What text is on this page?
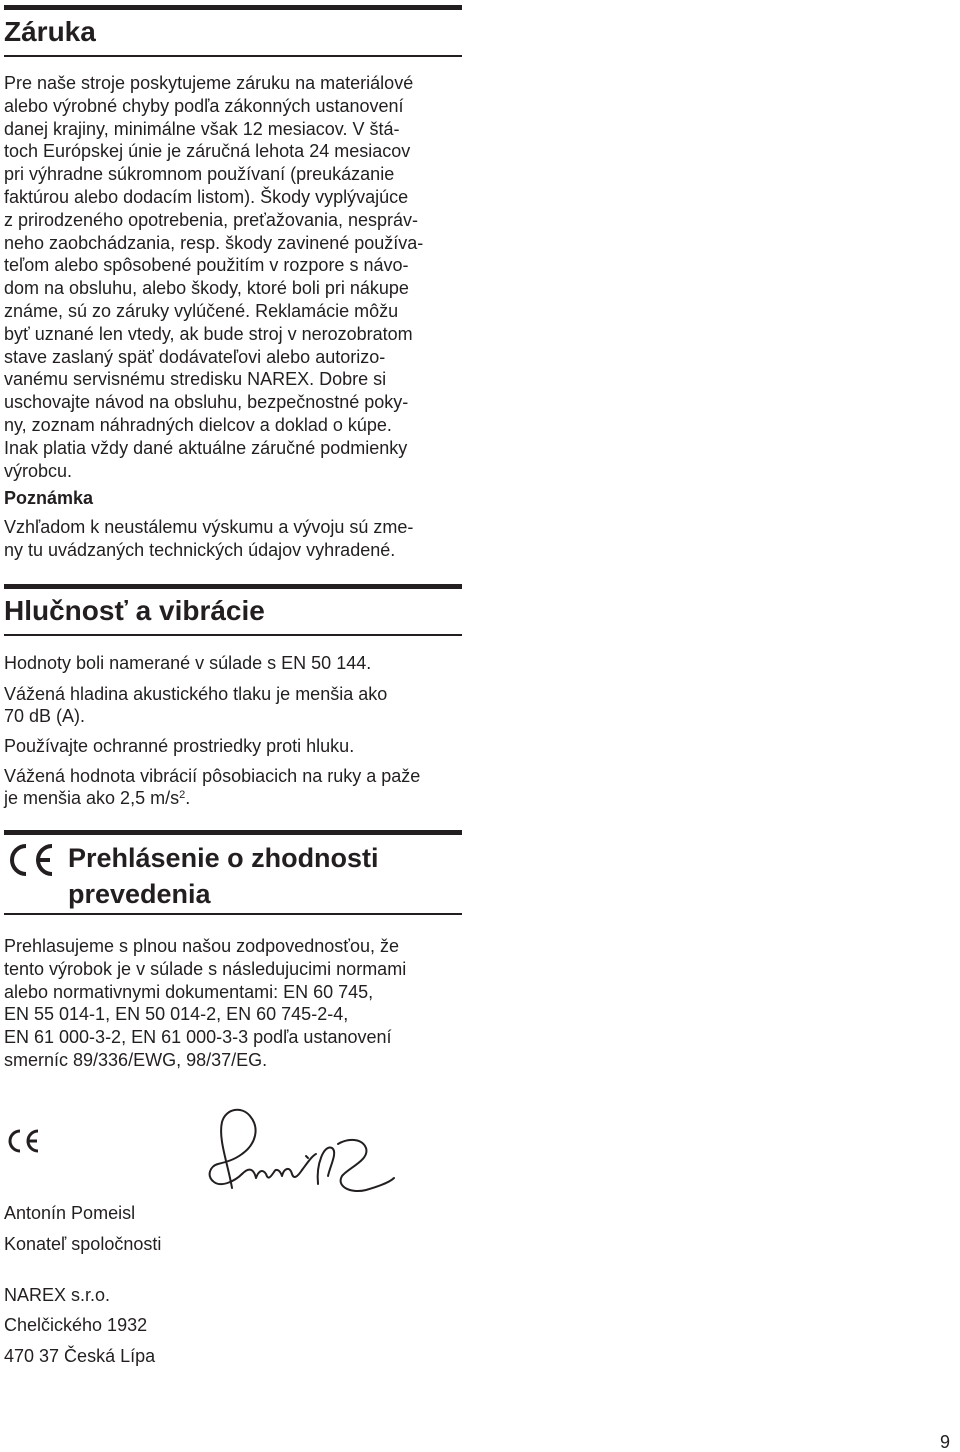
Záruka
Pre naše stroje poskytujeme záruku na materiálové
alebo výrobné chyby podľa zákonných ustanovení
danej krajiny, minimálne však 12 mesiacov. V štá-
toch Európskej únie je záručná lehota 24 mesiacov
pri výhradne súkromnom používaní (preukázanie
faktúrou alebo dodacím listom). Škody vyplývajúce
z prirodzeného opotrebenia, preťažovania, nespráv-
neho zaobchádzania, resp. škody zavinené používa-
teľom alebo spôsobené použitím v rozpore s návo-
dom na obsluhu, alebo škody, ktoré boli pri nákupe
známe, sú zo záruky vylúčené. Reklamácie môžu
byť uznané len vtedy, ak bude stroj v nerozobratom
stave zaslaný späť dodávateľovi alebo autorizo-
vanému servisnému stredisku NAREX. Dobre si
uschovajte návod na obsluhu, bezpečnostné poky-
ny, zoznam náhradných dielcov a doklad o kúpe.
Inak platia vždy dané aktuálne záručné podmienky
výrobcu.
Poznámka
Vzhľadom k neustálemu výskumu a vývoju sú zme-
ny tu uvádzaných technických údajov vyhradené.
Hlučnosť a vibrácie
Hodnoty boli namerané v súlade s EN 50 144.
Vážená hladina akustického tlaku je menšia ako
70 dB (A).
Používajte ochranné prostriedky proti hluku.
Vážená hodnota vibrácií pôsobiacich na ruky a paže
je menšia ako 2,5 $m/s^2$.
Prehlásenie o zhodnosti
prevedenia
Prehlasujeme s plnou našou zodpovednosťou, že
tento výrobok je v súlade s následujucimi normami
alebo normativnymi dokumentami: EN 60 745,
EN 55 014-1, EN 50 014-2, EN 60 745-2-4,
EN 61 000-3-2, EN 61 000-3-3 podľa ustanovení
smerníc 89/336/EWG, 98/37/EG.
Antonín Pomeisl
Konateľ spoločnosti
NAREX s.r.o.
Chelčického 1932
470 37 Česká Lípa
9
